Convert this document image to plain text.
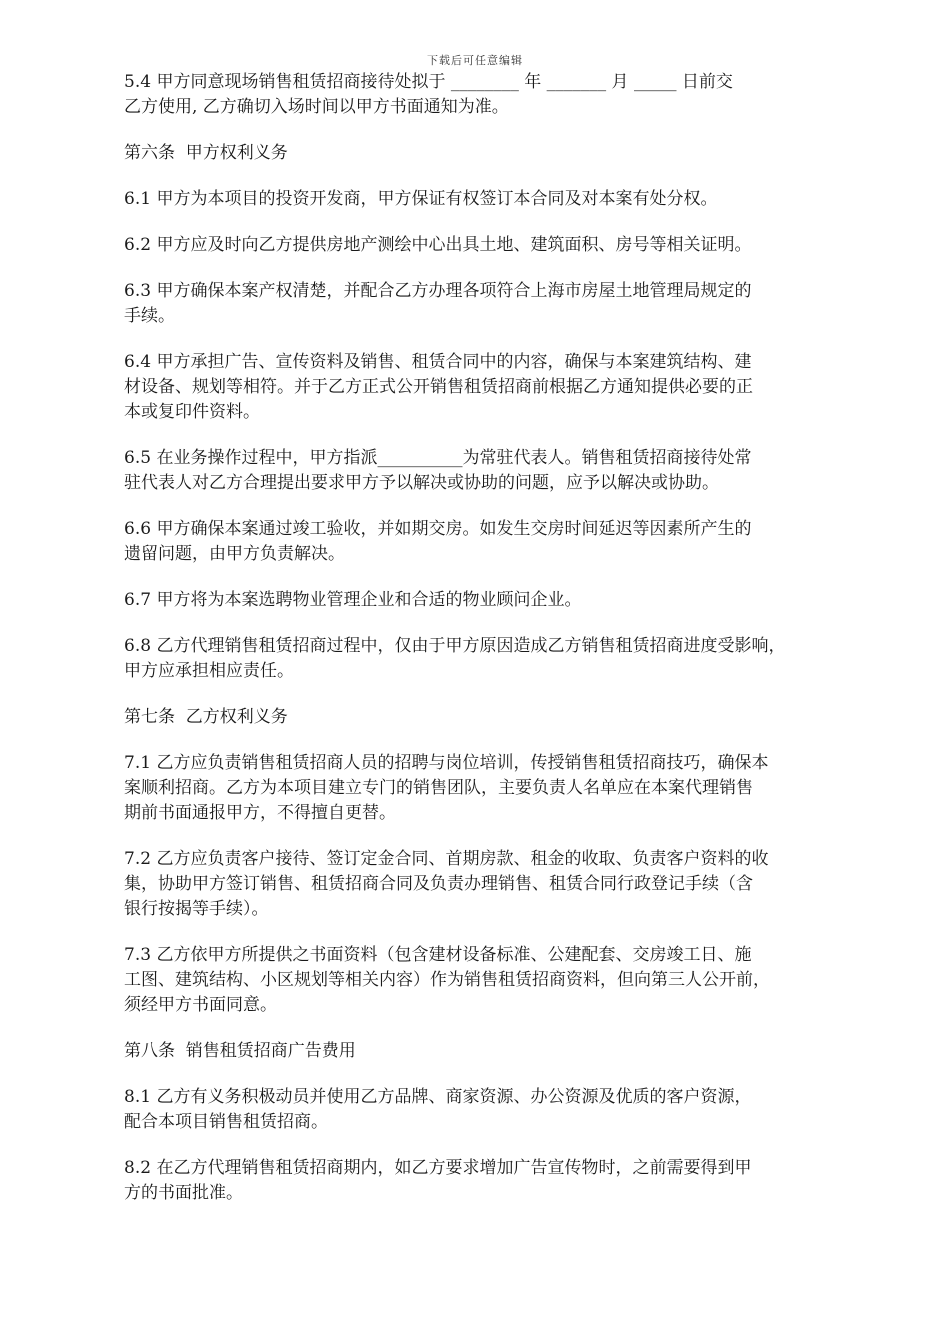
下载后可任意编辑
5.4 甲方同意现场销售租赁招商接待处拟于 ________ 年 _______ 月 _____ 日前交
乙方使用, 乙方确切入场时间以甲方书面通知为准。
第六条  甲方权利义务
6.1 甲方为本项目的投资开发商，甲方保证有权签订本合同及对本案有处分权。
6.2 甲方应及时向乙方提供房地产测绘中心出具土地、建筑面积、房号等相关证明。
6.3 甲方确保本案产权清楚，并配合乙方办理各项符合上海市房屋土地管理局规定的
手续。
6.4 甲方承担广告、宣传资料及销售、租赁合同中的内容，确保与本案建筑结构、建
材设备、规划等相符。并于乙方正式公开销售租赁招商前根据乙方通知提供必要的正
本或复印件资料。
6.5 在业务操作过程中，甲方指派__________为常驻代表人。销售租赁招商接待处常
驻代表人对乙方合理提出要求甲方予以解决或协助的问题，应予以解决或协助。
6.6 甲方确保本案通过竣工验收，并如期交房。如发生交房时间延迟等因素所产生的
遗留问题，由甲方负责解决。
6.7 甲方将为本案选聘物业管理企业和合适的物业顾问企业。
6.8 乙方代理销售租赁招商过程中，仅由于甲方原因造成乙方销售租赁招商进度受影响，
甲方应承担相应责任。
第七条  乙方权利义务
7.1 乙方应负责销售租赁招商人员的招聘与岗位培训，传授销售租赁招商技巧，确保本
案顺利招商。乙方为本项目建立专门的销售团队，主要负责人名单应在本案代理销售
期前书面通报甲方，不得擅自更替。
7.2 乙方应负责客户接待、签订定金合同、首期房款、租金的收取、负责客户资料的收
集，协助甲方签订销售、租赁招商合同及负责办理销售、租赁合同行政登记手续（含
银行按揭等手续）。
7.3 乙方依甲方所提供之书面资料（包含建材设备标准、公建配套、交房竣工日、施
工图、建筑结构、小区规划等相关内容）作为销售租赁招商资料，但向第三人公开前，
须经甲方书面同意。
第八条  销售租赁招商广告费用
8.1 乙方有义务积极动员并使用乙方品牌、商家资源、办公资源及优质的客户资源，
配合本项目销售租赁招商。
8.2 在乙方代理销售租赁招商期内，如乙方要求增加广告宣传物时，之前需要得到甲
方的书面批准。
